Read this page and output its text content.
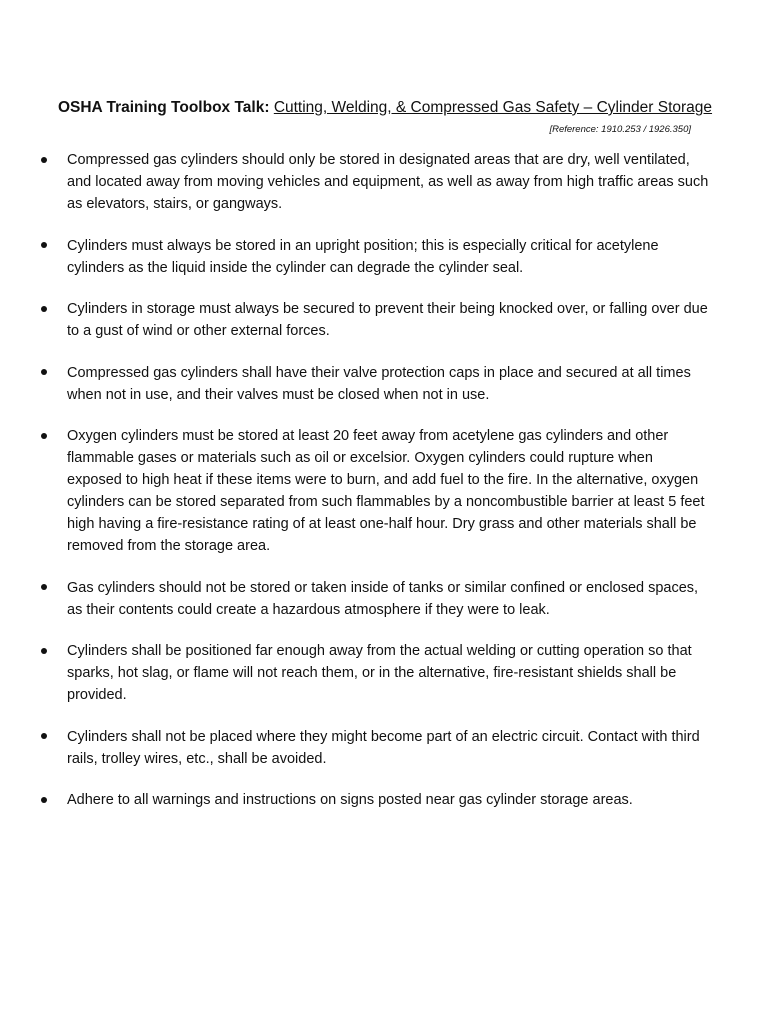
OSHA Training Toolbox Talk: Cutting, Welding, & Compressed Gas Safety – Cylinder Storage
[Reference: 1910.253 / 1926.350]
Compressed gas cylinders should only be stored in designated areas that are dry, well ventilated, and located away from moving vehicles and equipment, as well as away from high traffic areas such as elevators, stairs, or gangways.
Cylinders must always be stored in an upright position; this is especially critical for acetylene cylinders as the liquid inside the cylinder can degrade the cylinder seal.
Cylinders in storage must always be secured to prevent their being knocked over, or falling over due to a gust of wind or other external forces.
Compressed gas cylinders shall have their valve protection caps in place and secured at all times when not in use, and their valves must be closed when not in use.
Oxygen cylinders must be stored at least 20 feet away from acetylene gas cylinders and other flammable gases or materials such as oil or excelsior. Oxygen cylinders could rupture when exposed to high heat if these items were to burn, and add fuel to the fire. In the alternative, oxygen cylinders can be stored separated from such flammables by a noncombustible barrier at least 5 feet high having a fire-resistance rating of at least one-half hour. Dry grass and other materials shall be removed from the storage area.
Gas cylinders should not be stored or taken inside of tanks or similar confined or enclosed spaces, as their contents could create a hazardous atmosphere if they were to leak.
Cylinders shall be positioned far enough away from the actual welding or cutting operation so that sparks, hot slag, or flame will not reach them, or in the alternative, fire-resistant shields shall be provided.
Cylinders shall not be placed where they might become part of an electric circuit. Contact with third rails, trolley wires, etc., shall be avoided.
Adhere to all warnings and instructions on signs posted near gas cylinder storage areas.
